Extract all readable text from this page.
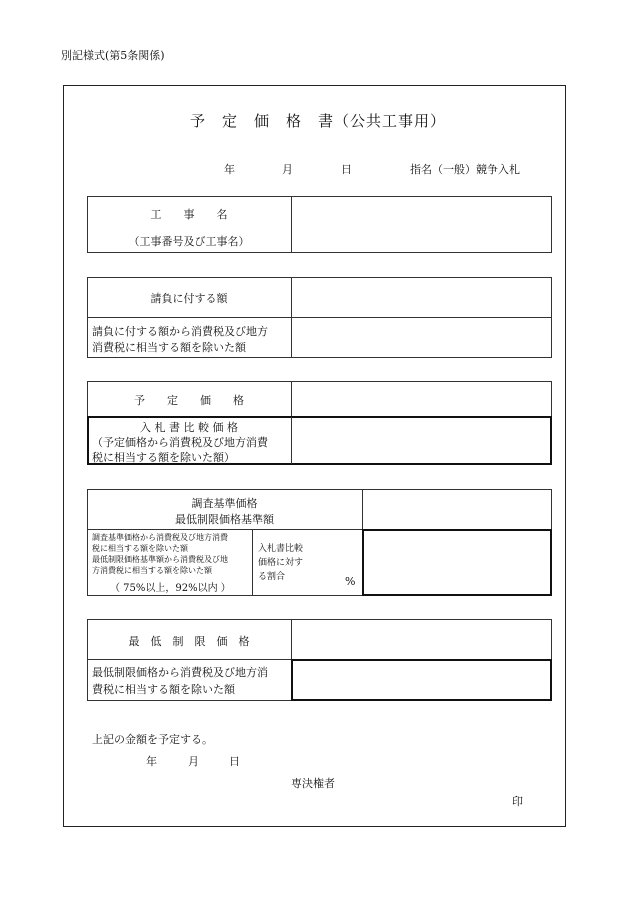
別記様式(第5条関係)
予　定　価　格　書（公共工事用）
年	月	日	指名（一般）競争入札
工　　事　　名
（工事番号及び工事名）
請負に付する額
請負に付する額から消費税及び地方
消費税に相当する額を除いた額
予　　定　　価　　格
入 札 書 比 較 価 格
（予定価格から消費税及び地方消費
税に相当する額を除いた額）
調査基準価格
最低制限価格基準額
調査基準価格から消費税及び地方消費
税に相当する額を除いた額
最低制限価格基準額から消費税及び地
方消費税に相当する額を除いた額
（ 75%以上，92%以内 ）
入札書比較
価格に対す
る割合	%
最　低　制　限　価　格
最低制限価格から消費税及び地方消
費税に相当する額を除いた額
上記の金額を予定する。
年	月	日
専決権者
印
